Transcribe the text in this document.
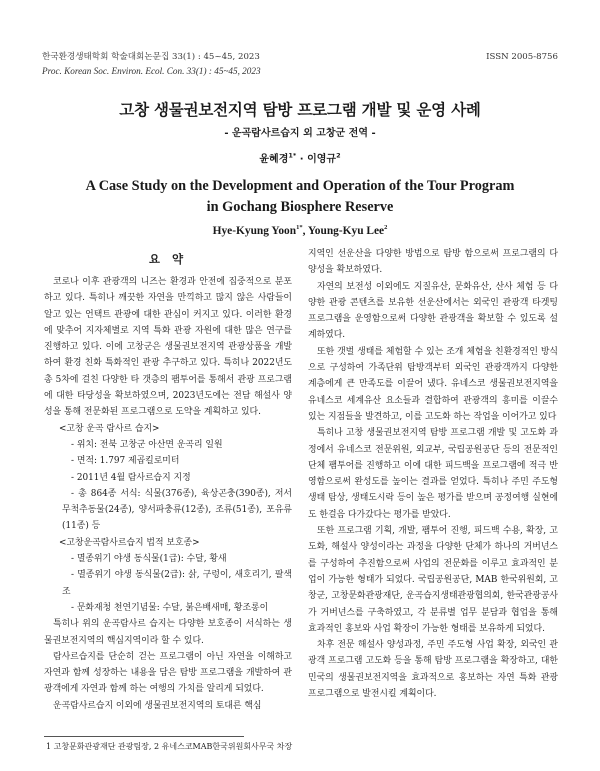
한국환경생태학회 학술대회논문집 33(1) : 45~45, 2023
Proc. Korean Soc. Environ. Ecol. Con. 33(1) : 45~45, 2023
ISSN 2005-8756
고창 생물권보전지역 탐방 프로그램 개발 및 운영 사례
- 운곡람사르습지 외 고창군 전역 -
윤혜경$^{1*}$ · 이영규$^2$
A Case Study on the Development and Operation of the Tour Program
in Gochang Biosphere Reserve
Hye-Kyung Yoon$^{1*}$, Young-Kyu Lee$^2$
요 약

코로나 이후 관광객의 니즈는 환경과 안전에 집중적으로 분포하고 있다. 특히나 깨끗한 자연을 만끽하고 많지 않은 사람들이 알고 있는 언택트 관광에 대한 관심이 커지고 있다. 이러한 환경에 맞추어 지자체별로 지역 특화 관광 자원에 대한 많은 연구를 진행하고 있다. 이에 고창군은 생물권보전지역 관광상품을 개발하여 환경 친화 특화적인 관광 추구하고 있다. 특히나 2022년도 총 5차에 걸친 다양한 타 갯층의 팸투어를 통해서 관광 프로그램에 대한 타당성을 확보하였으며, 2023년도에는 전담 해설사 양성을 통해 전문화된 프로그램으로 도약을 계획하고 있다.

<고창 운곡 람사르 습지>

- 위치: 전북 고창군 아산면 운곡리 일원

- 면적: 1.797 제곱킬로미터

- 2011년 4월 람사르습지 지정

- 총 864종 서식: 식물(376종), 육상곤충(390종), 저서무척추동물(24종), 양서파충류(12종), 조류(51종), 포유류(11종) 등

<고창운곡람사르습지 법적 보호종>

- 멸종위기 야생 동식물(1급): 수달, 황새

- 멸종위기 야생 동식물(2급): 삵, 구렁이, 새호리기, 팔색조

- 문화재청 천연기념물: 수달, 붉은배새매, 황조롱이

특히나 위의 운곡람사르 습지는 다양한 보호종이 서식하는 생물권보전지역의 핵심지역이라 할 수 있다.

람사르습지를 단순히 걷는 프로그램이 아닌 자연을 이해하고 자연과 함께 성장하는 내용을 담은 탐방 프로그램을 개발하여 관광객에게 자연과 함께 하는 여행의 가치를 알리게 되었다.

운곡람사르습지 이외에 생물권보전지역의 토대른 핵심

지역인 선운산을 다양한 방법으로 탐방 함으로써 프로그램의 다양성을 확보하였다.

자연의 보전성 이외에도 지질유산, 문화유산, 산사 체험 등 다양한 관광 콘텐츠를 보유한 선운산에서는 외국인 관광객 타겟팅 프로그램을 운영함으로써 다양한 관광객을 확보할 수 있도록 설계하였다.

또한 갯벌 생태를 체험할 수 있는 조개 체험을 친환경적인 방식으로 구성하여 가족단위 탐방객부터 외국인 관광객까지 다양한 계층에게 큰 만족도를 이끌어 냈다. 유네스코 생물권보전지역을 유네스코 세계유산 요소들과 결합하여 관광객의 흥미를 이끌수 있는 지점들을 발견하고, 이를 고도화 하는 작업을 이어가고 있다

특히나 고창 생물권보전지역 탐방 프로그램 개발 및 고도화 과정에서 유네스코 전문위원, 외교부, 국립공원공단 등의 전문적인 단체 팸투어를 진행하고 이에 대한 피드백을 프로그램에 적극 반영함으로써 완성도를 높이는 결과를 얻었다. 특히나 주민 주도형 생태 탐상, 생태도시락 등이 높은 평가를 받으며 공정여행 실현에도 한걸음 다가갔다는 평가를 받았다.

또한 프로그램 기획, 개발, 팸투어 진행, 피드백 수용, 확장, 고도화, 해설사 양성이라는 과정을 다양한 단체가 하나의 거버넌스를 구성하여 추진함으로써 사업의 전문화를 이루고 효과적인 분업이 가능한 형태가 되었다. 국립공원공단, MAB 한국위원회, 고창군, 고창문화관광재단, 운곡습지생태관광협의회, 한국관광공사가 거버넌스를 구축하였고, 각 분류별 업무 분담과 협업을 통해 효과적인 홍보와 사업 확장이 가능한 형태를 보유하게 되었다.

차후 전문 해설사 양성과정, 주민 주도형 사업 확장, 외국인 관광객 프로그램 고도화 등을 통해 탐방 프로그램을 확장하고, 대한민국의 생물권보전지역을 효과적으로 홍보하는 자연 특화 관광 프로그램으로 발전시킬 계획이다.

1 고창문화관광재단 관광팀장, 2 유네스코MAB한국위원회사무국 차장
